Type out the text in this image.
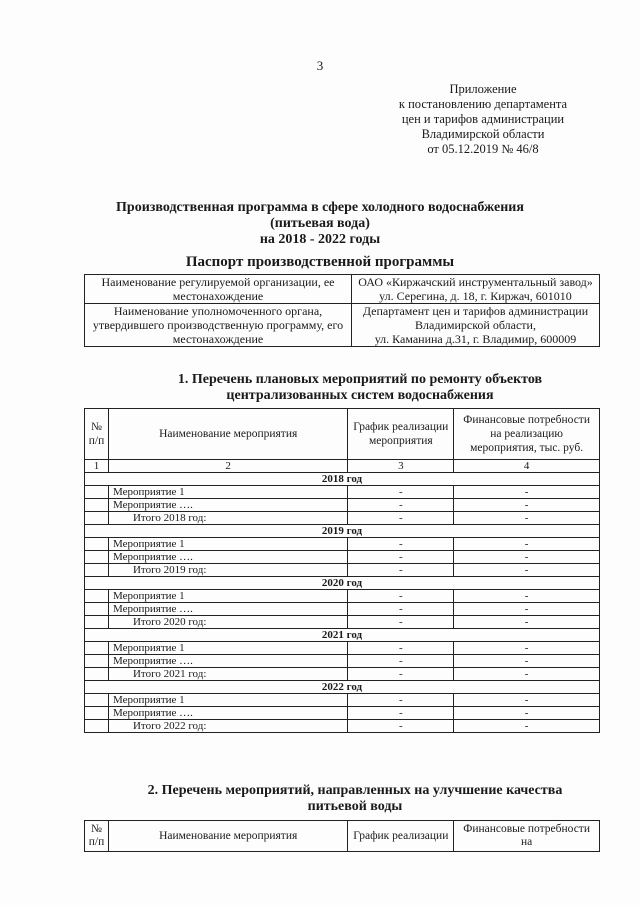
3
Приложение
к постановлению департамента
цен и тарифов администрации
Владимирской области
от 05.12.2019 № 46/8
Производственная программа в сфере холодного водоснабжения
(питьевая вода)
на 2018 - 2022 годы
Паспорт производственной программы
Наименование регулируемой организации, ее местонахождение	ОАО «Киржачский инструментальный завод»
ул. Серегина, д. 18, г. Киржач, 601010

Наименование уполномоченного органа, утвердившего производственную программу, его местонахождение	Департамент цен и тарифов администрации Владимирской области,
ул. Каманина д.31, г. Владимир, 600009
1. Перечень плановых мероприятий по ремонту объектов
централизованных систем водоснабжения
№ п/п	Наименование мероприятия	График реализации мероприятия	Финансовые потребности на реализацию мероприятия, тыс. руб.
1	2	3	4
2018 год			
	Мероприятие 1	-	-
	Мероприятие ….	-	-
	Итого 2018 год:	-	-
2019 год			
	Мероприятие 1	-	-
	Мероприятие ….	-	-
	Итого 2019 год:	-	-
2020 год			
	Мероприятие 1	-	-
	Мероприятие ….	-	-
	Итого 2020 год:	-	-
2021 год			
	Мероприятие 1	-	-
	Мероприятие ….	-	-
	Итого 2021 год:	-	-
2022 год			
	Мероприятие 1	-	-
	Мероприятие ….	-	-
	Итого 2022 год:	-	-
2. Перечень мероприятий, направленных на улучшение качества
питьевой воды
№ п/п	Наименование мероприятия	График реализации	Финансовые потребности на
